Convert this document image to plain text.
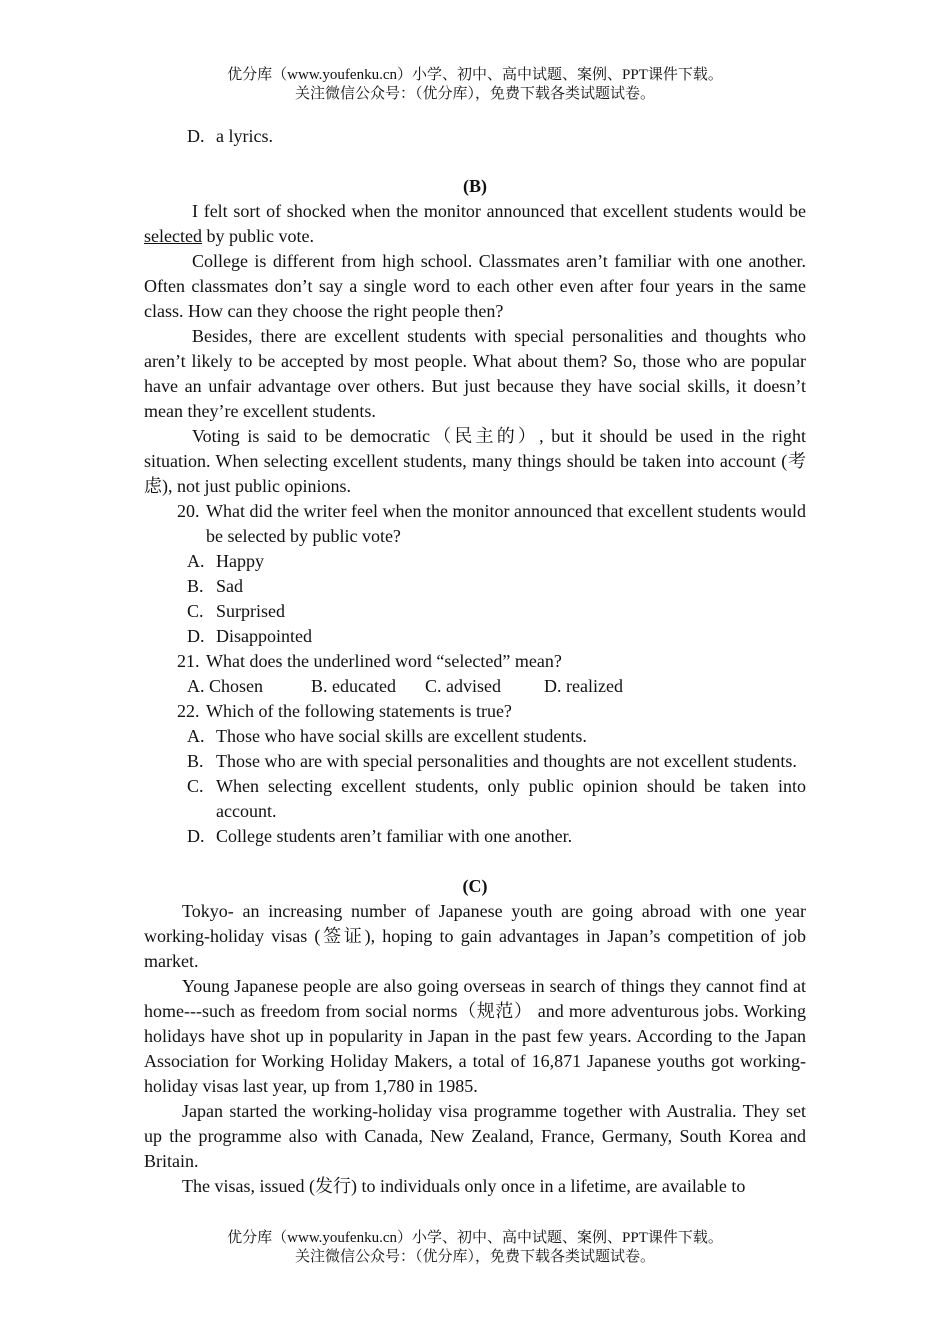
优分库（www.youfenku.cn）小学、初中、高中试题、案例、PPT课件下载。
关注微信公众号：（优分库），免费下载各类试题试卷。
D. a lyrics.

(B)

I felt sort of shocked when the monitor announced that excellent students would be selected by public vote.

College is different from high school. Classmates aren’t familiar with one another. Often classmates don’t say a single word to each other even after four years in the same class. How can they choose the right people then?

Besides, there are excellent students with special personalities and thoughts who aren’t likely to be accepted by most people. What about them? So, those who are popular have an unfair advantage over others. But just because they have social skills, it doesn’t mean they’re excellent students.

Voting is said to be democratic（民主的）, but it should be used in the right situation. When selecting excellent students, many things should be taken into account (考虑), not just public opinions.

20. What did the writer feel when the monitor announced that excellent students would be selected by public vote?
A. Happy
B. Sad
C. Surprised
D. Disappointed
21. What does the underlined word “selected” mean?
A. Chosen	B. educated C. advised D. realized
22. Which of the following statements is true?
A. Those who have social skills are excellent students.
B. Those who are with special personalities and thoughts are not excellent students.
C. When selecting excellent students, only public opinion should be taken into account.
D. College students aren’t familiar with one another.

(C)

Tokyo- an increasing number of Japanese youth are going abroad with one year working-holiday visas (签证), hoping to gain advantages in Japan’s competition of job market.

Young Japanese people are also going overseas in search of things they cannot find at home---such as freedom from social norms（规范） and more adventurous jobs. Working holidays have shot up in popularity in Japan in the past few years. According to the Japan Association for Working Holiday Makers, a total of 16,871 Japanese youths got working-holiday visas last year, up from 1,780 in 1985.

Japan started the working-holiday visa programme together with Australia. They set up the programme also with Canada, New Zealand, France, Germany, South Korea and Britain.

The visas, issued (发行) to individuals only once in a lifetime, are available to

优分库（www.youfenku.cn）小学、初中、高中试题、案例、PPT课件下载。
关注微信公众号：（优分库），免费下载各类试题试卷。
